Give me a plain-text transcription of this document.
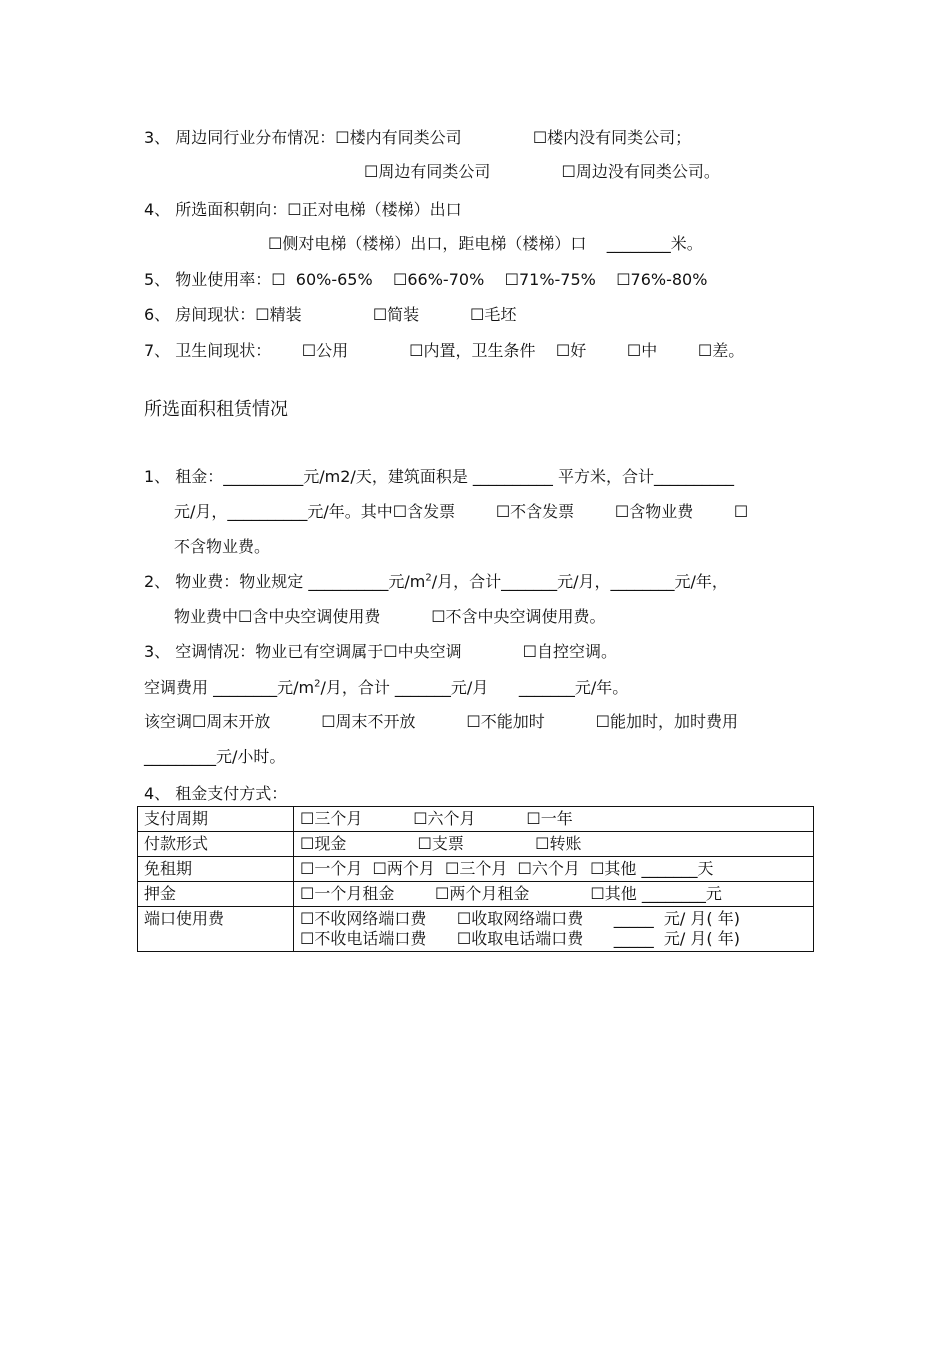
3、 周边同行业分布情况：☐楼内有同类公司              ☐楼内没有同类公司；
☐周边有同类公司              ☐周边没有同类公司。
4、 所选面积朝向：☐正对电梯（楼梯）出口
☐侧对电梯（楼梯）出口，距电梯（楼梯）口    ________米。
5、 物业使用率：☐  60%-65%    ☐66%-70%    ☐71%-75%    ☐76%-80%
6、 房间现状：☐精装              ☐简装          ☐毛坯
7、 卫生间现状：      ☐公用            ☐内置，卫生条件    ☐好        ☐中        ☐差。
所选面积租赁情况
1、 租金：__________元/m2/天，建筑面积是 __________ 平方米，合计__________
元/月，__________元/年。其中☐含发票        ☐不含发票        ☐含物业费        ☐
不含物业费。
2、 物业费：物业规定 __________元$/m^2/$月，合计_______元/月，________元/年，
物业费中☐含中央空调使用费          ☐不含中央空调使用费。
3、 空调情况：物业已有空调属于☐中央空调            ☐自控空调。
空调费用 ________元$/m^2/$月，合计 _______元/月      _______元/年。
该空调☐周末开放          ☐周末不开放          ☐不能加时          ☐能加时，加时费用
_________元/小时。
4、 租金支付方式：
支付周期	☐三个月          ☐六个月          ☐一年
付款形式	☐现金              ☐支票              ☐转账
免租期	☐一个月  ☐两个月  ☐三个月  ☐六个月  ☐其他 _______天
押金	☐一个月租金        ☐两个月租金            ☐其他 ________元
端口使用费	☐不收网络端口费      ☐收取网络端口费      _____  元/ 月( 年)
☐不收电话端口费      ☐收取电话端口费      _____  元/ 月( 年)
